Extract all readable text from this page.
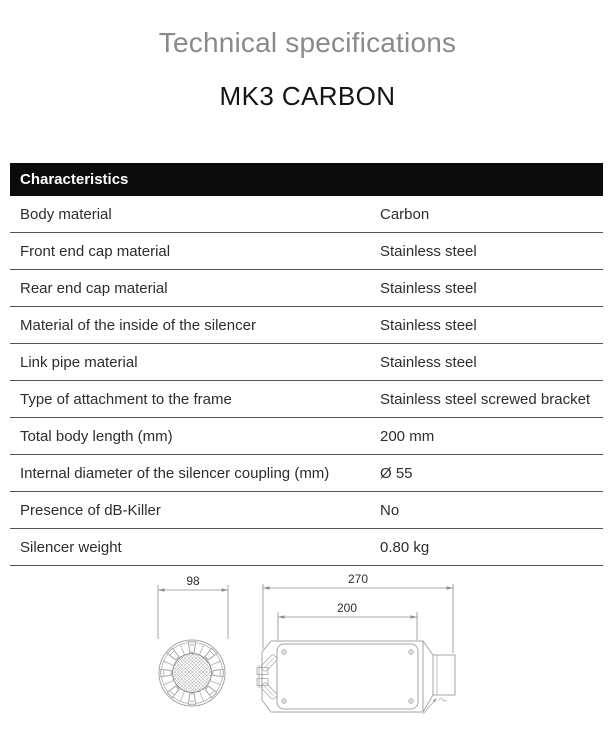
Technical specifications
MK3 CARBON
Characteristics
Body material	Carbon
Front end cap material	Stainless steel
Rear end cap material	Stainless steel
Material of the inside of the silencer	Stainless steel
Link pipe material	Stainless steel
Type of attachment to the frame	Stainless steel screwed bracket
Total body length (mm)	200 mm
Internal diameter of the silencer coupling (mm)	Ø 55
Presence of dB-Killer	No
Silencer weight	0.80 kg
98	270
200
